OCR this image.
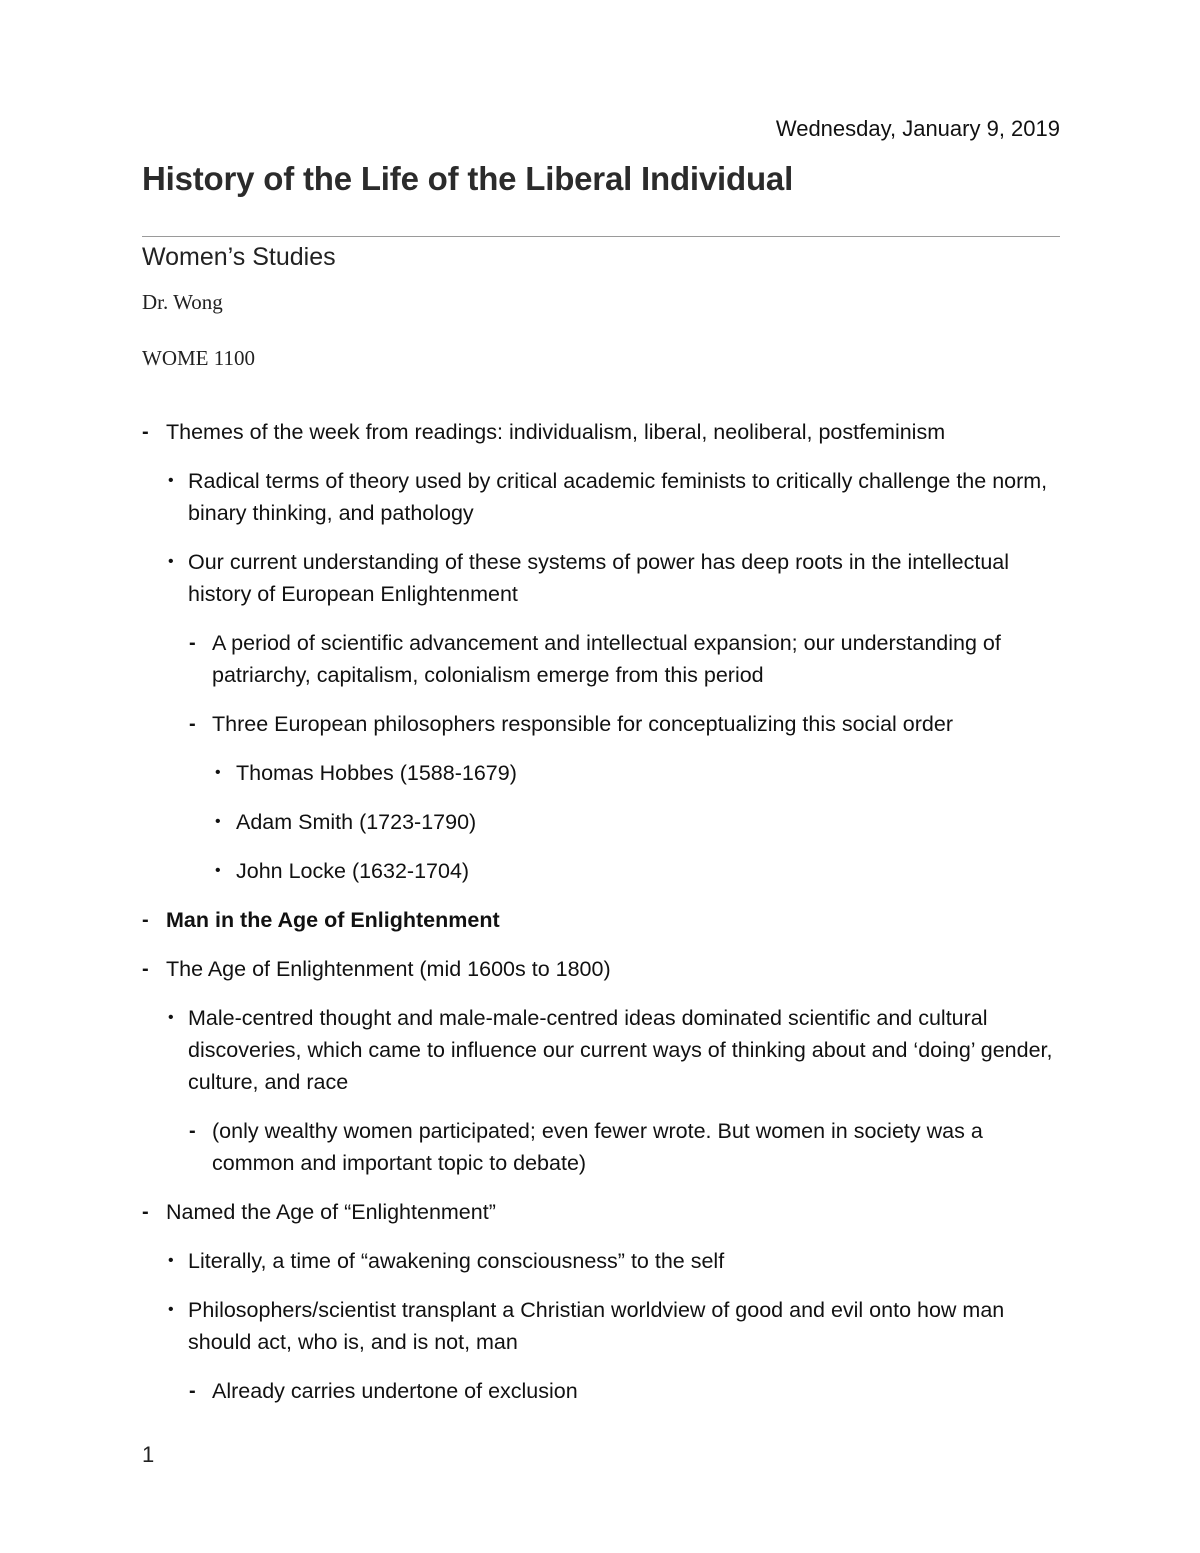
Wednesday, January 9, 2019
History of the Life of the Liberal Individual
Women’s Studies
Dr. Wong
WOME 1100
- Themes of the week from readings: individualism, liberal, neoliberal, postfeminism
• Radical terms of theory used by critical academic feminists to critically challenge the norm, binary thinking, and pathology
• Our current understanding of these systems of power has deep roots in the intellectual history of European Enlightenment
- A period of scientific advancement and intellectual expansion; our understanding of patriarchy, capitalism, colonialism emerge from this period
- Three European philosophers responsible for conceptualizing this social order
• Thomas Hobbes (1588-1679)
• Adam Smith (1723-1790)
• John Locke (1632-1704)
- Man in the Age of Enlightenment
- The Age of Enlightenment (mid 1600s to 1800)
• Male-centred thought and male-male-centred ideas dominated scientific and cultural discoveries, which came to influence our current ways of thinking about and ‘doing’ gender, culture, and race
- (only wealthy women participated; even fewer wrote. But women in society was a common and important topic to debate)
- Named the Age of “Enlightenment”
• Literally, a time of “awakening consciousness” to the self
• Philosophers/scientist transplant a Christian worldview of good and evil onto how man should act, who is, and is not, man
- Already carries undertone of exclusion
1
